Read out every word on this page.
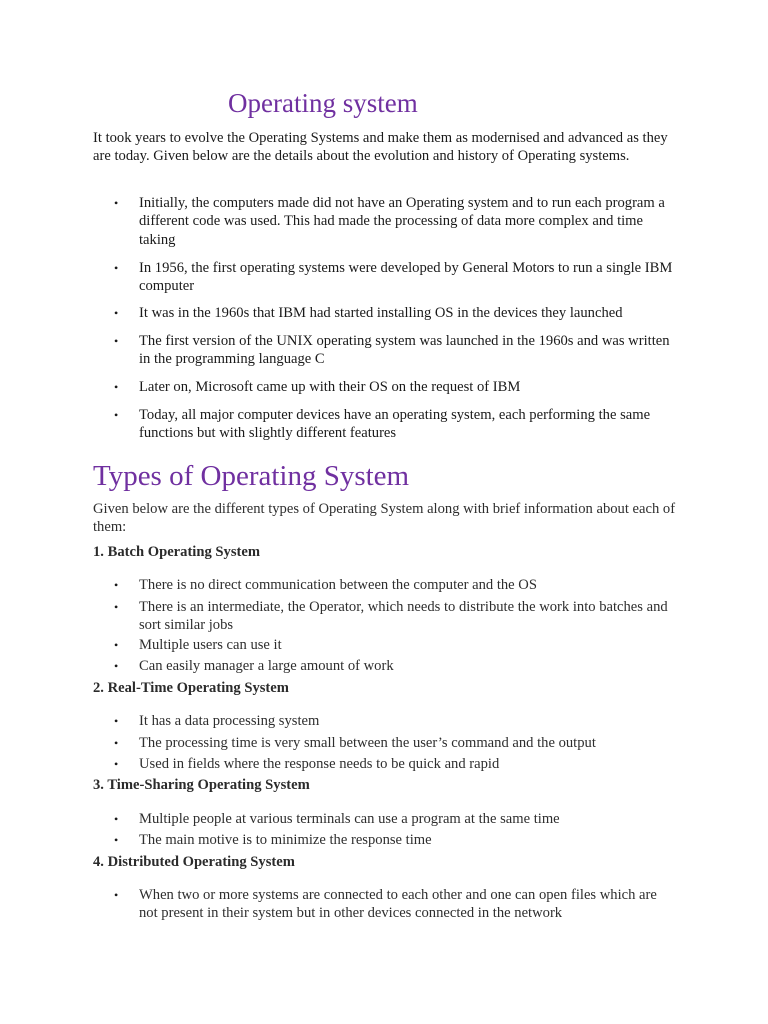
Operating system

It took years to evolve the Operating Systems and make them as modernised and advanced as they are today. Given below are the details about the evolution and history of Operating systems.

• Initially, the computers made did not have an Operating system and to run each program a different code was used. This had made the processing of data more complex and time taking
• In 1956, the first operating systems were developed by General Motors to run a single IBM computer
• It was in the 1960s that IBM had started installing OS in the devices they launched
• The first version of the UNIX operating system was launched in the 1960s and was written in the programming language C
• Later on, Microsoft came up with their OS on the request of IBM
• Today, all major computer devices have an operating system, each performing the same functions but with slightly different features
Types of Operating System

Given below are the different types of Operating System along with brief information about each of them:

1. Batch Operating System
• There is no direct communication between the computer and the OS
• There is an intermediate, the Operator, which needs to distribute the work into batches and sort similar jobs
• Multiple users can use it
• Can easily manager a large amount of work
2. Real-Time Operating System
• It has a data processing system
• The processing time is very small between the user’s command and the output
• Used in fields where the response needs to be quick and rapid
3. Time-Sharing Operating System
• Multiple people at various terminals can use a program at the same time
• The main motive is to minimize the response time
4. Distributed Operating System
• When two or more systems are connected to each other and one can open files which are not present in their system but in other devices connected in the network
